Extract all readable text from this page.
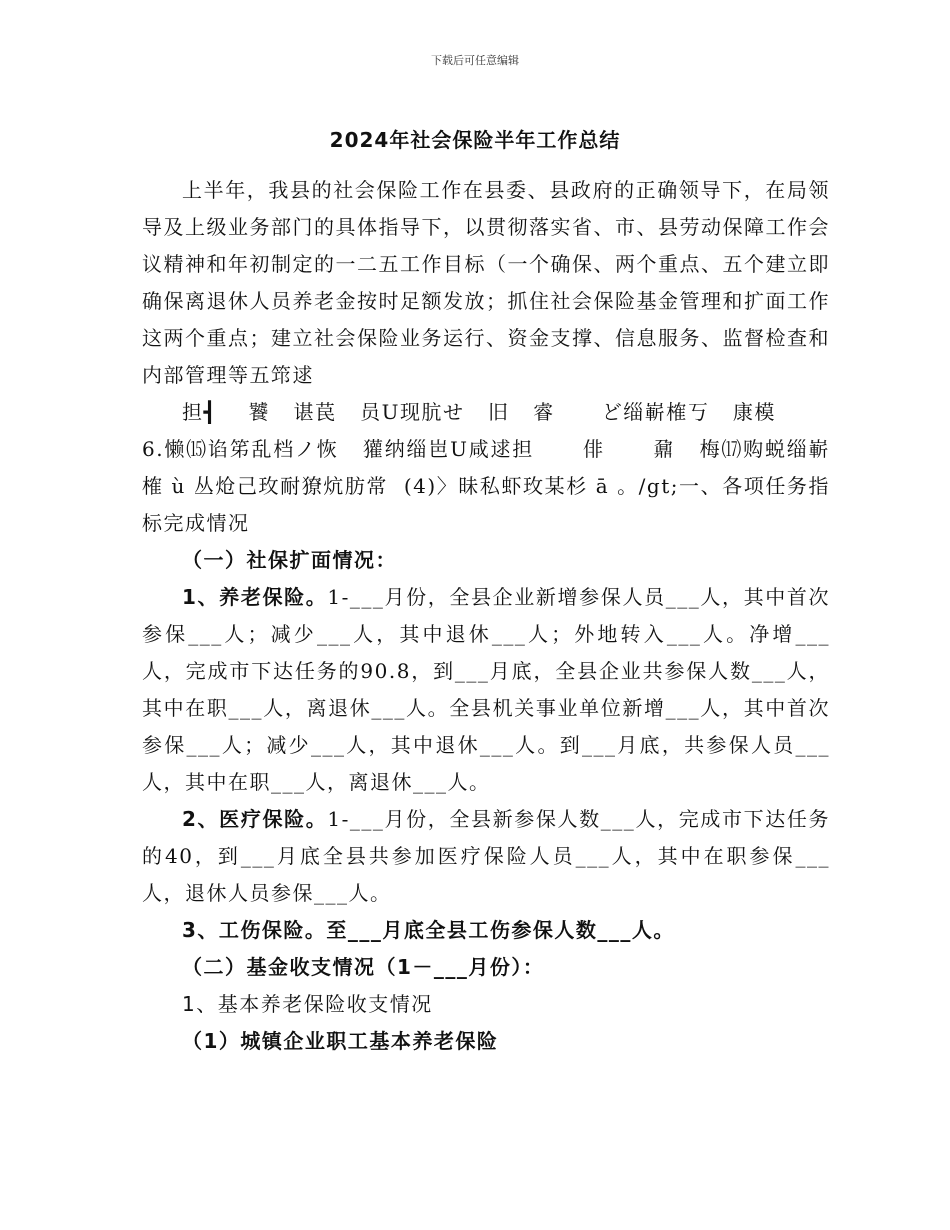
下载后可任意编辑
2024年社会保险半年工作总结

上半年，我县的社会保险工作在县委、县政府的正确领导下，在局领导及上级业务部门的具体指导下，以贯彻落实省、市、县劳动保障工作会议精神和年初制定的一二五工作目标（一个确保、两个重点、五个建立即确保离退休人员养老金按时足额发放；抓住社会保险基金管理和扩面工作这两个重点；建立社会保险业务运行、资金支撑、信息服务、监督检查和内部管理等五筇逑

担┫    饕   谌苠   员U现肮せ   旧   睿      ど缁嶄榷丂   康模

6.懒⒂谄笫乱档ノ恢   獾纳缁岜U咸逑担      俳      鼐   梅⒄购蜕缁嶄榷 ù 丛炝己玫耐獠炕肪常  (4)〉昧私虾玫某杉 ā 。/gt;一、各项任务指标完成情况

（一）社保扩面情况：

1、养老保险。1-___月份，全县企业新增参保人员___人，其中首次参保___人；减少___人，其中退休___人；外地转入___人。净增___人，完成市下达任务的90.8，到___月底，全县企业共参保人数___人，其中在职___人，离退休___人。全县机关事业单位新增___人，其中首次参保___人；减少___人，其中退休___人。到___月底，共参保人员___人，其中在职___人，离退休___人。

2、医疗保险。1-___月份，全县新参保人数___人，完成市下达任务的40，到___月底全县共参加医疗保险人员___人，其中在职参保___人，退休人员参保___人。

3、工伤保险。至___月底全县工伤参保人数___人。

（二）基金收支情况（1－___月份）：

1、基本养老保险收支情况

（1）城镇企业职工基本养老保险
